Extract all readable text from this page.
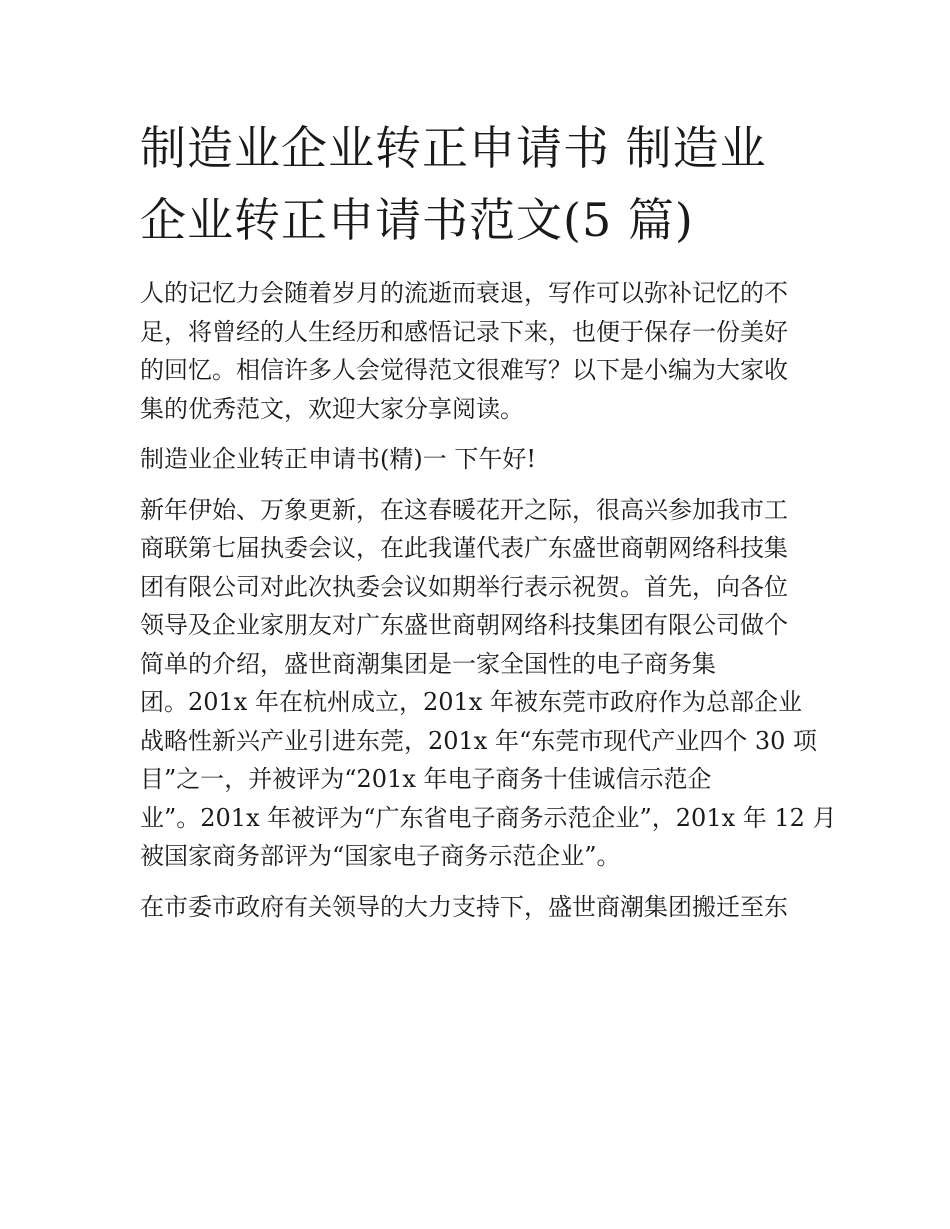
制造业企业转正申请书 制造业
企业转正申请书范文(5 篇)

人的记忆力会随着岁月的流逝而衰退，写作可以弥补记忆的不
足，将曾经的人生经历和感悟记录下来，也便于保存一份美好
的回忆。相信许多人会觉得范文很难写？以下是小编为大家收
集的优秀范文，欢迎大家分享阅读。

制造业企业转正申请书(精)一 下午好!

新年伊始、万象更新，在这春暖花开之际，很高兴参加我市工
商联第七届执委会议，在此我谨代表广东盛世商朝网络科技集
团有限公司对此次执委会议如期举行表示祝贺。首先，向各位
领导及企业家朋友对广东盛世商朝网络科技集团有限公司做个
简单的介绍，盛世商潮集团是一家全国性的电子商务集
团。201x 年在杭州成立，201x 年被东莞市政府作为总部企业
战略性新兴产业引进东莞，201x 年“东莞市现代产业四个 30 项
目”之一，并被评为“201x 年电子商务十佳诚信示范企
业”。201x 年被评为“广东省电子商务示范企业”，201x 年 12 月
被国家商务部评为“国家电子商务示范企业”。

在市委市政府有关领导的大力支持下，盛世商潮集团搬迁至东
